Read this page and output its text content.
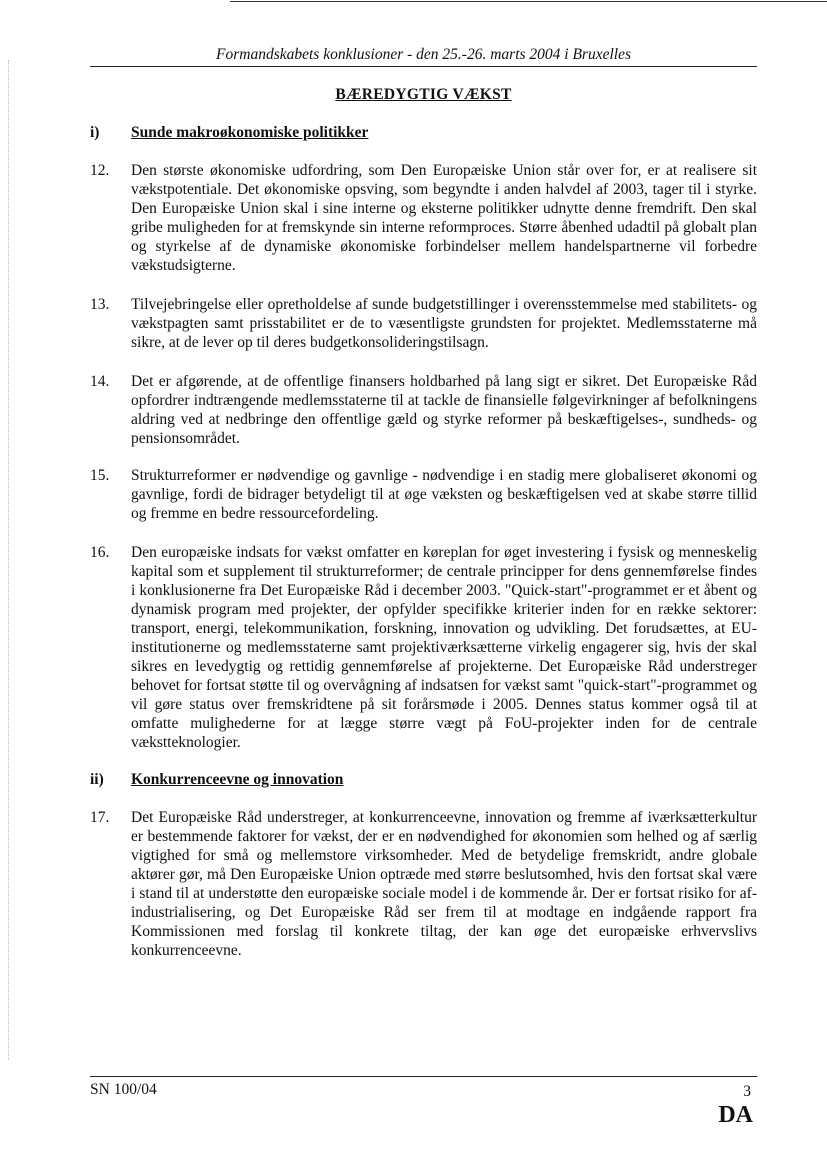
Formandskabets konklusioner - den 25.-26. marts 2004 i Bruxelles
BÆREDYGTIG VÆKST
i) Sunde makroøkonomiske politikker
12. Den største økonomiske udfordring, som Den Europæiske Union står over for, er at realisere sit vækstpotentiale. Det økonomiske opsving, som begyndte i anden halvdel af 2003, tager til i styrke. Den Europæiske Union skal i sine interne og eksterne politikker udnytte denne fremdrift. Den skal gribe muligheden for at fremskynde sin interne reformproces. Større åbenhed udadtil på globalt plan og styrkelse af de dynamiske økonomiske forbindelser mellem handelspartnerne vil forbedre vækstudsigterne.
13. Tilvejebringelse eller opretholdelse af sunde budgetstillinger i overensstemmelse med stabilitets- og vækstpagten samt prisstabilitet er de to væsentligste grundsten for projektet. Medlemsstaterne må sikre, at de lever op til deres budgetkonsolideringstilsagn.
14. Det er afgørende, at de offentlige finansers holdbarhed på lang sigt er sikret. Det Europæiske Råd opfordrer indtrængende medlemsstaterne til at tackle de finansielle følgevirkninger af befolkningens aldring ved at nedbringe den offentlige gæld og styrke reformer på beskæftigelses-, sundheds- og pensionsområdet.
15. Strukturreformer er nødvendige og gavnlige - nødvendige i en stadig mere globaliseret økonomi og gavnlige, fordi de bidrager betydeligt til at øge væksten og beskæftigelsen ved at skabe større tillid og fremme en bedre ressourcefordeling.
16. Den europæiske indsats for vækst omfatter en køreplan for øget investering i fysisk og menneskelig kapital som et supplement til strukturreformer; de centrale principper for dens gennemførelse findes i konklusionerne fra Det Europæiske Råd i december 2003. "Quick-start"-programmet er et åbent og dynamisk program med projekter, der opfylder specifikke kriterier inden for en række sektorer: transport, energi, telekommunikation, forskning, innovation og udvikling. Det forudsættes, at EU-institutionerne og medlemsstaterne samt projektiværksætterne virkelig engagerer sig, hvis der skal sikres en levedygtig og rettidig gennemførelse af projekterne. Det Europæiske Råd understreger behovet for fortsat støtte til og overvågning af indsatsen for vækst samt "quick-start"-programmet og vil gøre status over fremskridtene på sit forårsmøde i 2005. Dennes status kommer også til at omfatte mulighederne for at lægge større vægt på FoU-projekter inden for de centrale vækstteknologier.
ii) Konkurrenceevne og innovation
17. Det Europæiske Råd understreger, at konkurrenceevne, innovation og fremme af iværksætterkultur er bestemmende faktorer for vækst, der er en nødvendighed for økonomien som helhed og af særlig vigtighed for små og mellemstore virksomheder. Med de betydelige fremskridt, andre globale aktører gør, må Den Europæiske Union optræde med større beslutsomhed, hvis den fortsat skal være i stand til at understøtte den europæiske sociale model i de kommende år. Der er fortsat risiko for af-industrialisering, og Det Europæiske Råd ser frem til at modtage en indgående rapport fra Kommissionen med forslag til konkrete tiltag, der kan øge det europæiske erhvervslivs konkurrenceevne.
SN 100/04	3
DA
